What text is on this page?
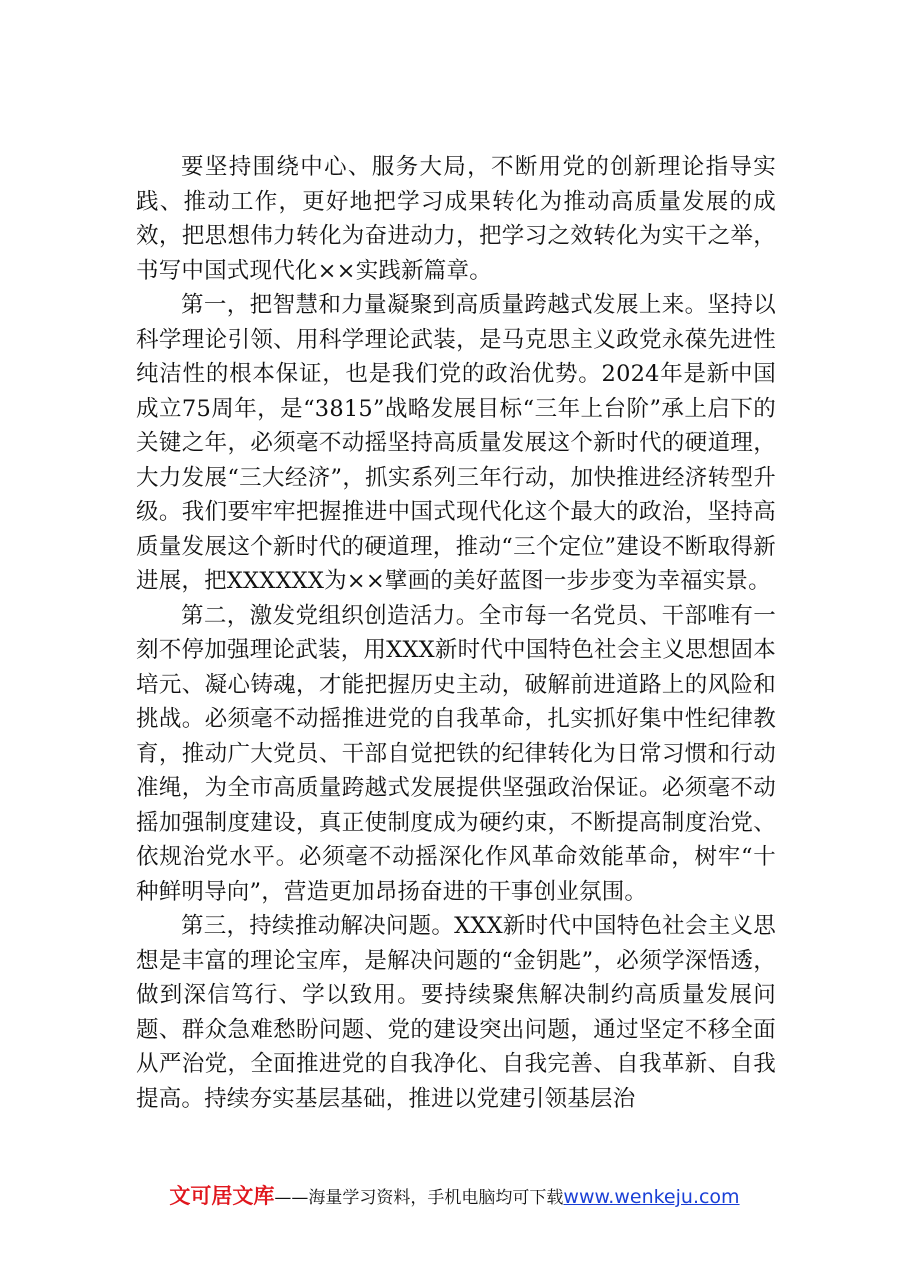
要坚持围绕中心、服务大局，不断用党的创新理论指导实践、推动工作，更好地把学习成果转化为推动高质量发展的成效，把思想伟力转化为奋进动力，把学习之效转化为实干之举，书写中国式现代化××实践新篇章。

第一，把智慧和力量凝聚到高质量跨越式发展上来。坚持以科学理论引领、用科学理论武装，是马克思主义政党永葆先进性纯洁性的根本保证，也是我们党的政治优势。2024年是新中国成立75周年，是“3815”战略发展目标“三年上台阶”承上启下的关键之年，必须毫不动摇坚持高质量发展这个新时代的硬道理，大力发展“三大经济”，抓实系列三年行动，加快推进经济转型升级。我们要牢牢把握推进中国式现代化这个最大的政治，坚持高质量发展这个新时代的硬道理，推动“三个定位”建设不断取得新进展，把XXXXXX为××擘画的美好蓝图一步步变为幸福实景。

第二，激发党组织创造活力。全市每一名党员、干部唯有一刻不停加强理论武装，用XXX新时代中国特色社会主义思想固本培元、凝心铸魂，才能把握历史主动，破解前进道路上的风险和挑战。必须毫不动摇推进党的自我革命，扎实抓好集中性纪律教育，推动广大党员、干部自觉把铁的纪律转化为日常习惯和行动准绳，为全市高质量跨越式发展提供坚强政治保证。必须毫不动摇加强制度建设，真正使制度成为硬约束，不断提高制度治党、依规治党水平。必须毫不动摇深化作风革命效能革命，树牢“十种鲜明导向”，营造更加昂扬奋进的干事创业氛围。

第三，持续推动解决问题。XXX新时代中国特色社会主义思想是丰富的理论宝库，是解决问题的“金钥匙”，必须学深悟透，做到深信笃行、学以致用。要持续聚焦解决制约高质量发展问题、群众急难愁盼问题、党的建设突出问题，通过坚定不移全面从严治党，全面推进党的自我净化、自我完善、自我革新、自我提高。持续夯实基层基础，推进以党建引领基层治

文可居文库——海量学习资料，手机电脑均可下载www.wenkeju.com
